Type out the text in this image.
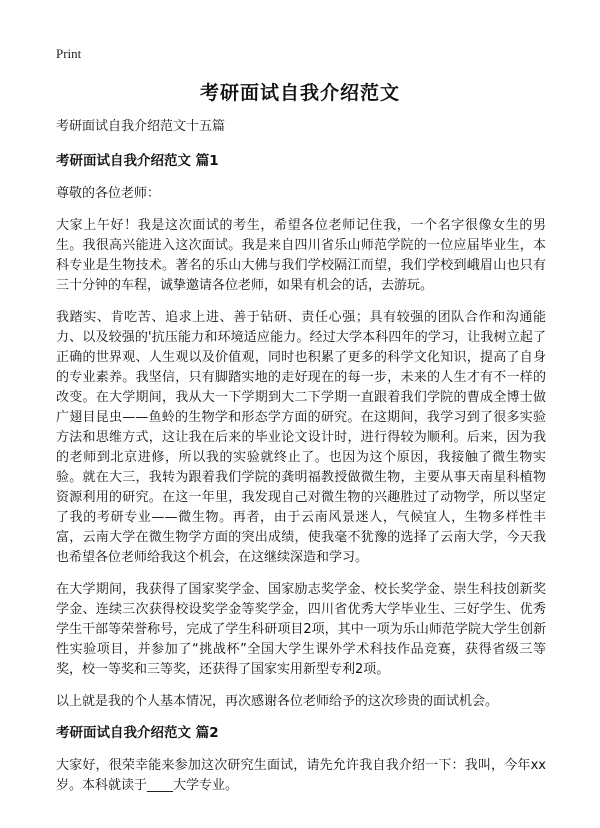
Print
考研面试自我介绍范文

考研面试自我介绍范文十五篇

考研面试自我介绍范文 篇1

尊敬的各位老师：

大家上午好！我是这次面试的考生，希望各位老师记住我，一个名字很像女生的男生。我很高兴能进入这次面试。我是来自四川省乐山师范学院的一位应届毕业生，本科专业是生物技术。著名的乐山大佛与我们学校隔江而望，我们学校到峨眉山也只有三十分钟的车程，诚挚邀请各位老师，如果有机会的话，去游玩。

我踏实、肯吃苦、追求上进、善于钻研、责任心强；具有较强的团队合作和沟通能力、以及较强的'抗压能力和环境适应能力。经过大学本科四年的学习，让我树立起了正确的世界观、人生观以及价值观，同时也积累了更多的科学文化知识，提高了自身的专业素养。我坚信，只有脚踏实地的走好现在的每一步，未来的人生才有不一样的改变。在大学期间，我从大一下学期到大二下学期一直跟着我们学院的曹成全博士做广翅目昆虫——鱼蛉的生物学和形态学方面的研究。在这期间，我学习到了很多实验方法和思维方式，这让我在后来的毕业论文设计时，进行得较为顺利。后来，因为我的老师到北京进修，所以我的实验就终止了。也因为这个原因，我接触了微生物实验。就在大三，我转为跟着我们学院的龚明福教授做微生物，主要从事天南星科植物资源利用的研究。在这一年里，我发现自己对微生物的兴趣胜过了动物学，所以坚定了我的考研专业——微生物。再者，由于云南风景迷人，气候宜人，生物多样性丰富，云南大学在微生物学方面的突出成绩，使我毫不犹豫的选择了云南大学，今天我也希望各位老师给我这个机会，在这继续深造和学习。

在大学期间，我获得了国家奖学金、国家励志奖学金、校长奖学金、崇生科技创新奖学金、连续三次获得校设奖学金等奖学金，四川省优秀大学毕业生、三好学生、优秀学生干部等荣誉称号，完成了学生科研项目2项，其中一项为乐山师范学院大学生创新性实验项目，并参加了“挑战杯”全国大学生课外学术科技作品竞赛，获得省级三等奖，校一等奖和三等奖，还获得了国家实用新型专利2项。

以上就是我的个人基本情况，再次感谢各位老师给予的这次珍贵的面试机会。

考研面试自我介绍范文 篇2

大家好，很荣幸能来参加这次研究生面试，请先允许我自我介绍一下：我叫，今年xx岁。本科就读于____大学专业。
